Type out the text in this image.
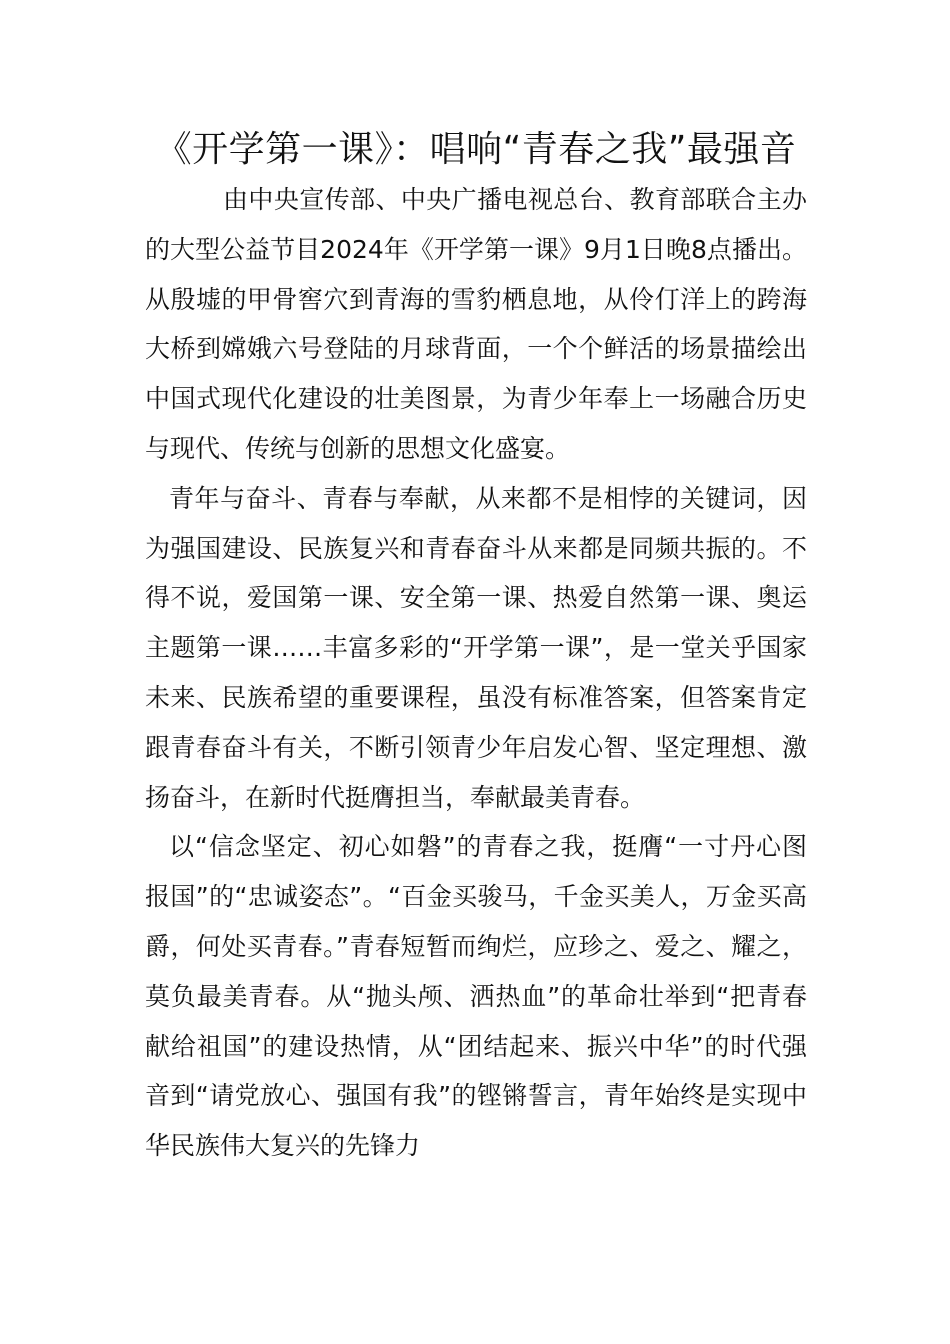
《开学第一课》：唱响“青春之我”最强音

由中央宣传部、中央广播电视总台、教育部联合主办的大型公益节目2024年《开学第一课》9月1日晚8点播出。从殷墟的甲骨窖穴到青海的雪豹栖息地，从伶仃洋上的跨海大桥到嫦娥六号登陆的月球背面，一个个鲜活的场景描绘出中国式现代化建设的壮美图景，为青少年奉上一场融合历史与现代、传统与创新的思想文化盛宴。

青年与奋斗、青春与奉献，从来都不是相悖的关键词，因为强国建设、民族复兴和青春奋斗从来都是同频共振的。不得不说，爱国第一课、安全第一课、热爱自然第一课、奥运主题第一课……丰富多彩的“开学第一课”，是一堂关乎国家未来、民族希望的重要课程，虽没有标准答案，但答案肯定跟青春奋斗有关，不断引领青少年启发心智、坚定理想、激扬奋斗，在新时代挺膺担当，奉献最美青春。

以“信念坚定、初心如磐”的青春之我，挺膺“一寸丹心图报国”的“忠诚姿态”。“百金买骏马，千金买美人，万金买高爵，何处买青春。”青春短暂而绚烂，应珍之、爱之、耀之，莫负最美青春。从“抛头颅、洒热血”的革命壮举到“把青春献给祖国”的建设热情，从“团结起来、振兴中华”的时代强音到“请党放心、强国有我”的铿锵誓言，青年始终是实现中华民族伟大复兴的先锋力
